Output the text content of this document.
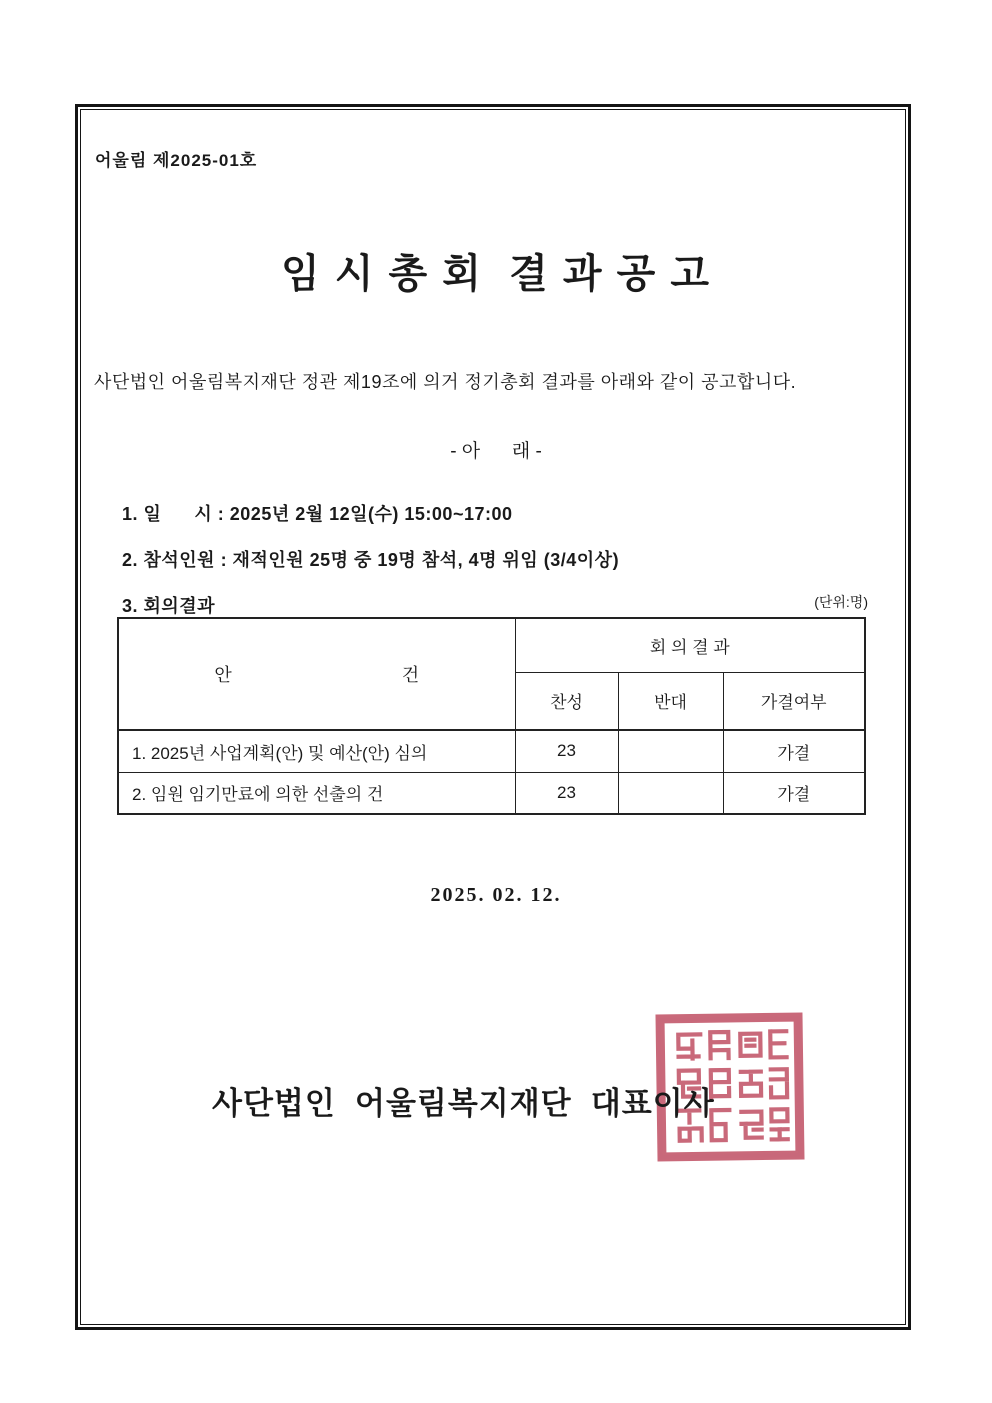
어울림 제2025-01호
임 시 총 회  결 과 공 고
사단법인 어울림복지재단 정관 제19조에 의거 정기총회 결과를 아래와 같이 공고합니다.
- 아      래 -
1. 일      시 : 2025년 2월 12일(수) 15:00~17:00
2. 참석인원 : 재적인원 25명 중 19명 참석, 4명 위임 (3/4이상)
3. 회의결과	(단위:명)

안 건	회 의 결 과		
	찬성	반대	가결여부
1. 2025년 사업계획(안) 및 예산(안) 심의	23		가결
2. 임원 임기만료에 의한 선출의 건	23		가결
2025. 02. 12.
사단법인  어울림복지재단  대표이사
